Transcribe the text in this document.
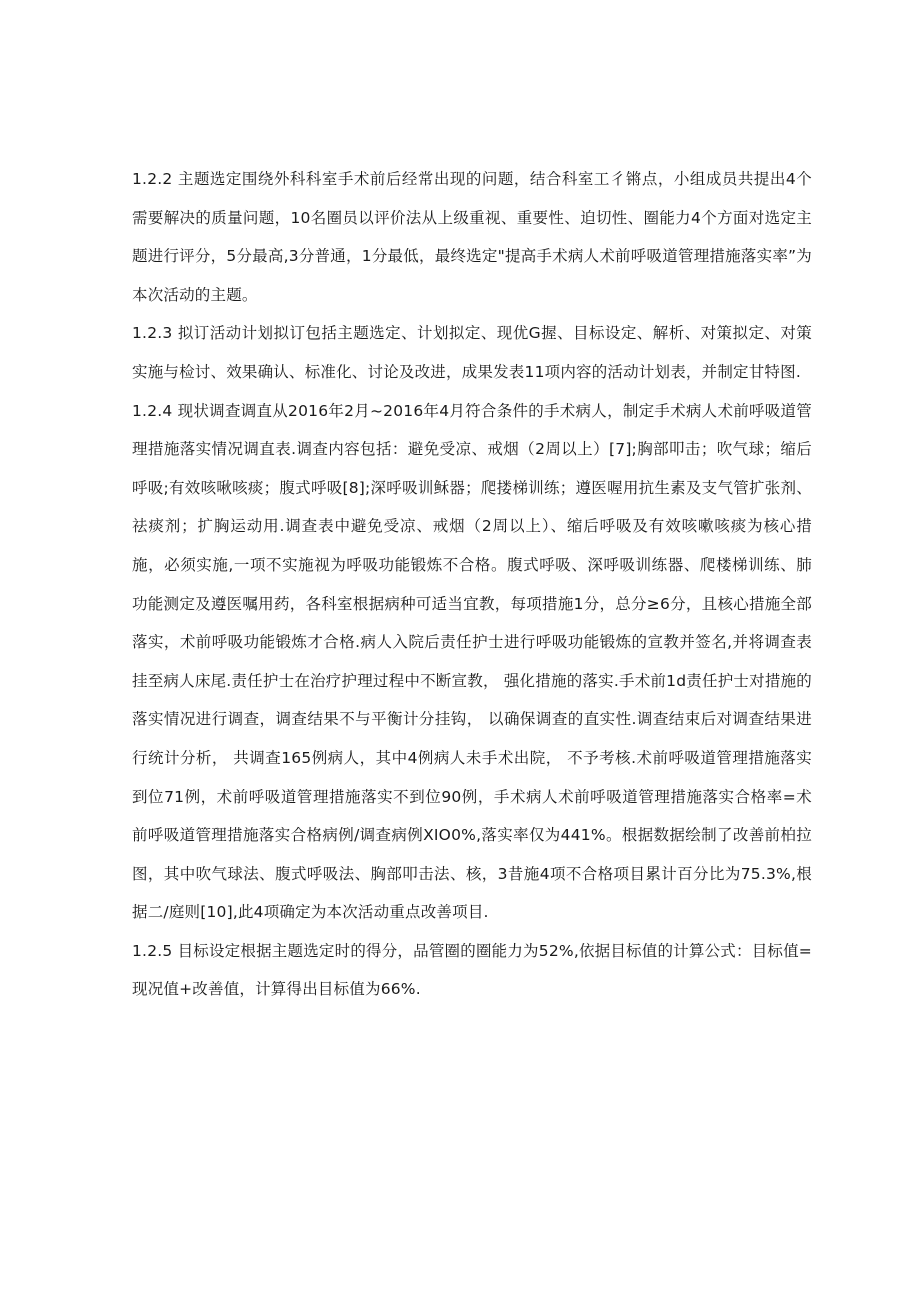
1.2.2 主题选定围绕外科科室手术前后经常出现的问题，结合科室工彳锵点，小组成员共提出4个需要解决的质量问题，10名圈员以评价法从上级重视、重要性、迫切性、圈能力4个方面对选定主题进行评分，5分最高,3分普通，1分最低，最终选定"提高手术病人术前呼吸道管理措施落实率”为本次活动的主题。

1.2.3 拟订活动计划拟订包括主题选定、计划拟定、现优G握、目标设定、解析、对策拟定、对策实施与检讨、效果确认、标准化、讨论及改进，成果发表11项内容的活动计划表，并制定甘特图.

1.2.4 现状调查调直从2016年2月~2016年4月符合条件的手术病人，制定手术病人术前呼吸道管理措施落实情况调直表.调查内容包括：避免受凉、戒烟（2周以上）[7];胸部叩击；吹气球；缩后呼吸;有效咳啾咳痰；腹式呼吸[8];深呼吸训稣器；爬搂梯训练；遵医喔用抗生素及支气管扩张剂、祛痰剂；扩胸运动用.调查表中避免受凉、戒烟（2周以上）、缩后呼吸及有效咳嗽咳痰为核心措施，必须实施,一项不实施视为呼吸功能锻炼不合格。腹式呼吸、深呼吸训练器、爬楼梯训练、肺功能测定及遵医嘱用药，各科室根据病种可适当宜教，每项措施1分，总分≥6分，且核心措施全部落实，术前呼吸功能锻炼才合格.病人入院后责任护士进行呼吸功能锻炼的宣教并签名,并将调查表挂至病人床尾.责任护士在治疗护理过程中不断宣教， 强化措施的落实.手术前1d责任护士对措施的落实情况进行调查，调查结果不与平衡计分挂钩， 以确保调查的直实性.调查结束后对调查结果进行统计分析， 共调查165例病人，其中4例病人未手术出院， 不予考核.术前呼吸道管理措施落实到位71例，术前呼吸道管理措施落实不到位90例，手术病人术前呼吸道管理措施落实合格率=术前呼吸道管理措施落实合格病例/调查病例XIO0%,落实率仅为441%。根据数据绘制了改善前柏拉图，其中吹气球法、腹式呼吸法、胸部叩击法、核，3昔施4项不合格项目累计百分比为75.3%,根据二/庭则[10],此4项确定为本次活动重点改善项目.

1.2.5 目标设定根据主题选定时的得分，品管圈的圈能力为52%,依据目标值的计算公式：目标值=现况值+改善值，计算得出目标值为66%.
